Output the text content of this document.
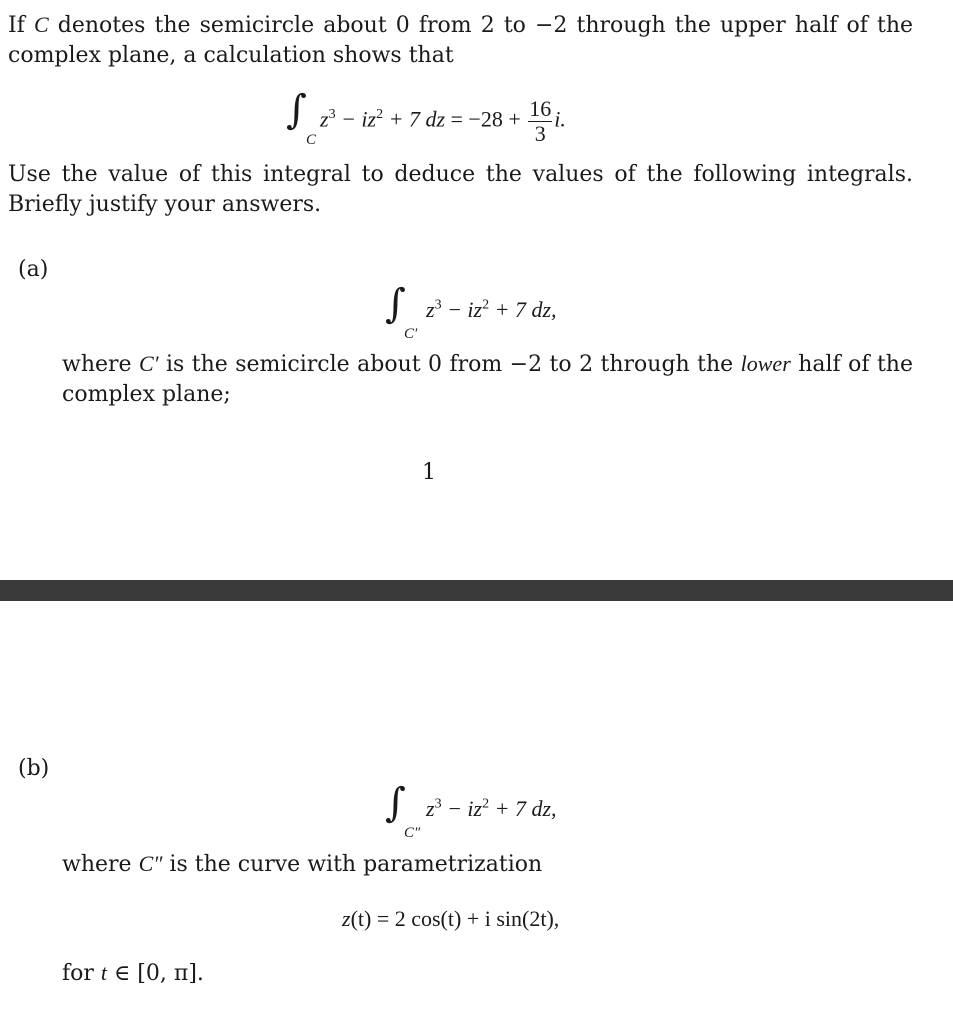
If C denotes the semicircle about 0 from 2 to −2 through the upper half of the complex plane, a calculation shows that

∫
C
$z^3 - iz^2 + 7$ dz = $-28 + \frac{16}{3} i$.

Use the value of this integral to deduce the values of the following integrals. Briefly justify your answers.

(a)
∫
C′
$z^3 - iz^2 + 7$ dz,

where C′ is the semicircle about 0 from −2 to 2 through the lower half of the complex plane;

1
(b)
∫
C″
$z^3 - iz^2 + 7$ dz,

where C″ is the curve with parametrization

z(t) = 2 cos(t) + i sin(2t),

for t ∈ [0, π].
